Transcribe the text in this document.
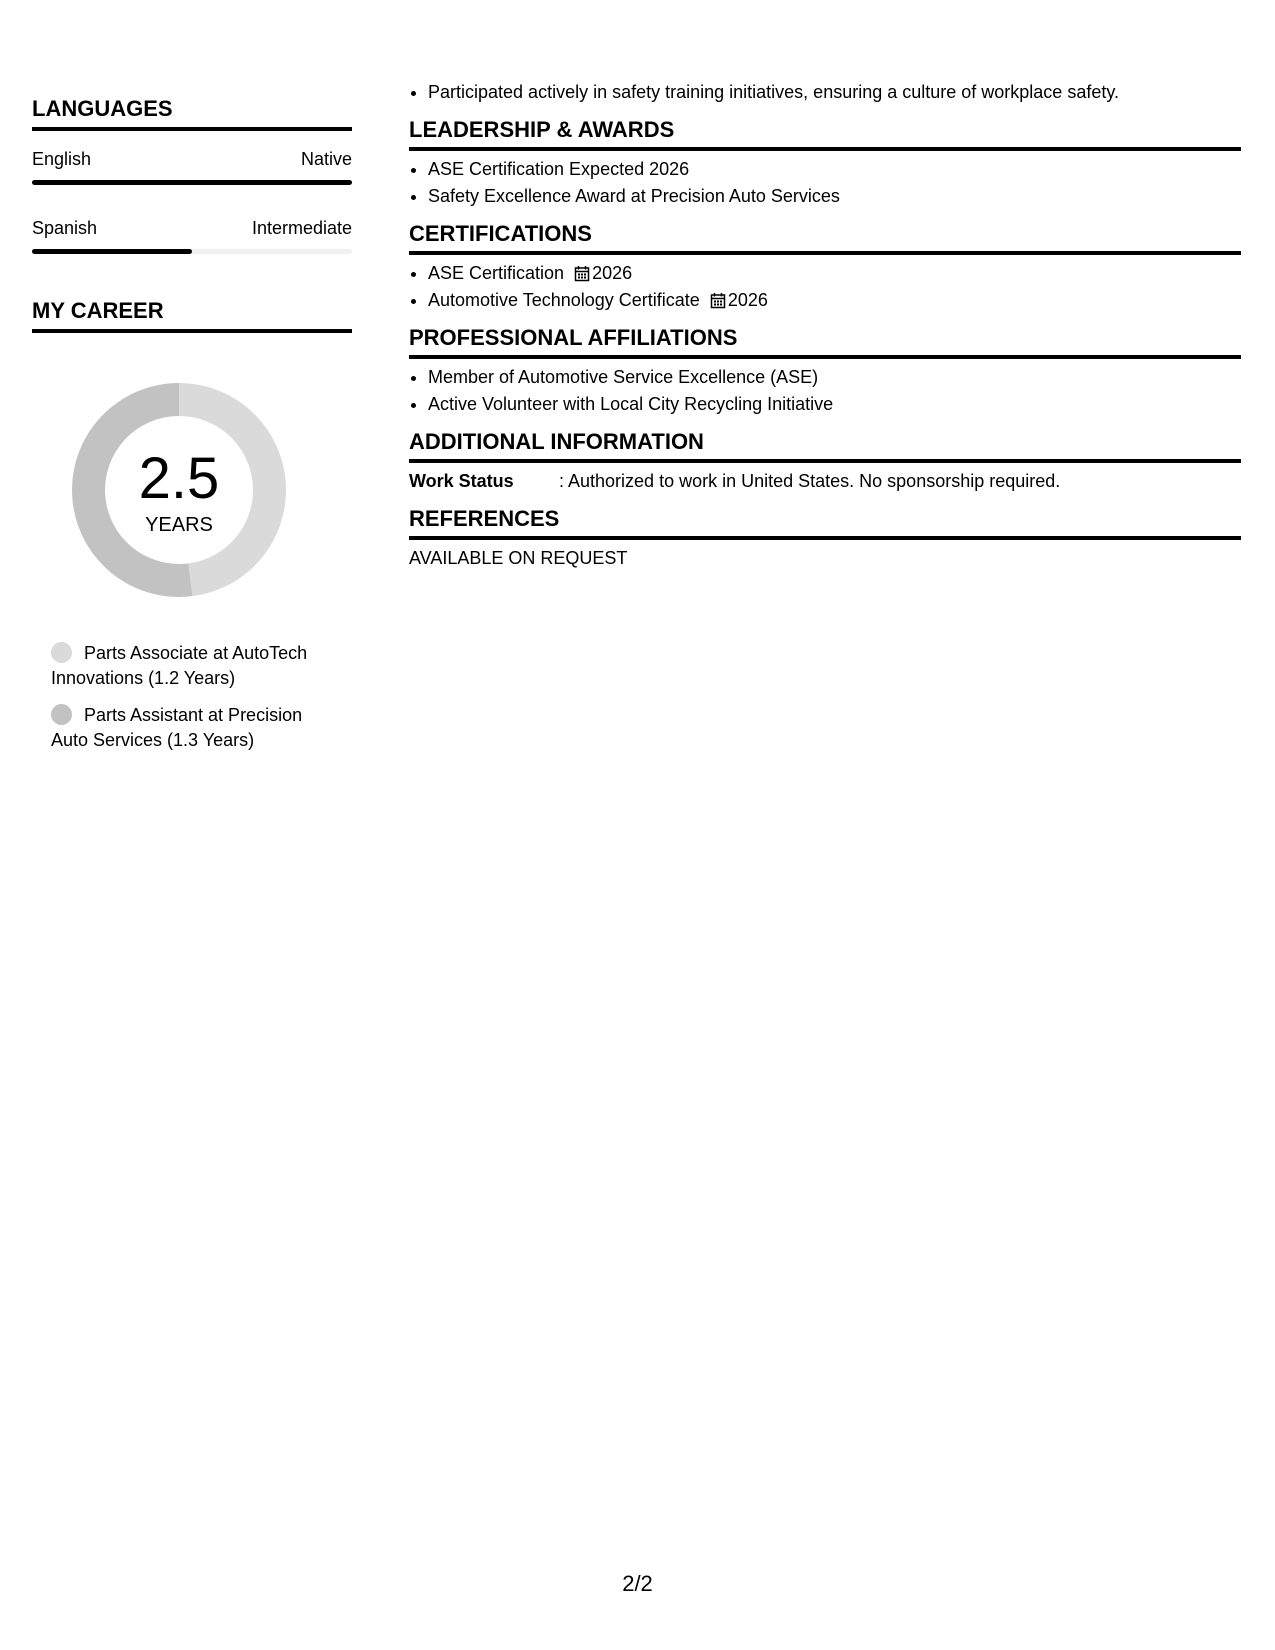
LANGUAGES
English	Native
Spanish	Intermediate
MY CAREER
2.5
YEARS
Parts Associate at AutoTech Innovations (1.2 Years)
Parts Assistant at Precision Auto Services (1.3 Years)
• Participated actively in safety training initiatives, ensuring a culture of workplace safety.
LEADERSHIP & AWARDS
• ASE Certification Expected 2026
• Safety Excellence Award at Precision Auto Services
CERTIFICATIONS
• ASE Certification 2026
• Automotive Technology Certificate 2026
PROFESSIONAL AFFILIATIONS
• Member of Automotive Service Excellence (ASE)
• Active Volunteer with Local City Recycling Initiative
ADDITIONAL INFORMATION
Work Status	: Authorized to work in United States. No sponsorship required.
REFERENCES
AVAILABLE ON REQUEST
2/2
